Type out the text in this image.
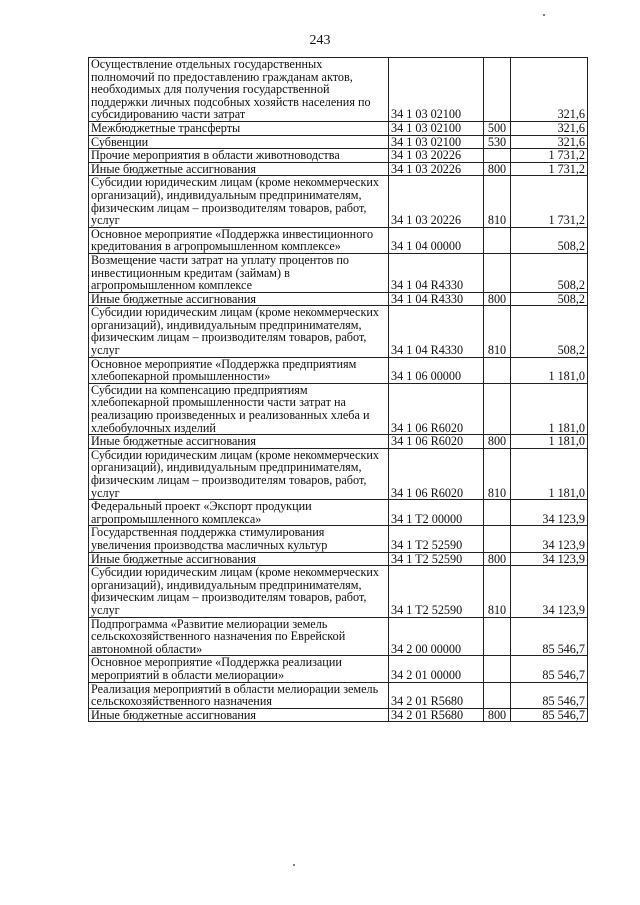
243
Осуществление отдельных государственных полномочий по предоставлению гражданам актов, необходимых для получения государственной поддержки личных подсобных хозяйств населения по субсидированию части затрат	34 1 03 02100		321,6
Межбюджетные трансферты	34 1 03 02100	500	321,6
Субвенции	34 1 03 02100	530	321,6
Прочие мероприятия в области животноводства	34 1 03 20226		1 731,2
Иные бюджетные ассигнования	34 1 03 20226	800	1 731,2
Субсидии юридическим лицам (кроме некоммерческих организаций), индивидуальным предпринимателям, физическим лицам – производителям товаров, работ, услуг	34 1 03 20226	810	1 731,2
Основное мероприятие «Поддержка инвестиционного кредитования в агропромышленном комплексе»	34 1 04 00000		508,2
Возмещение части затрат на уплату процентов по инвестиционным кредитам (займам) в агропромышленном комплексе	34 1 04 R4330		508,2
Иные бюджетные ассигнования	34 1 04 R4330	800	508,2
Субсидии юридическим лицам (кроме некоммерческих организаций), индивидуальным предпринимателям, физическим лицам – производителям товаров, работ, услуг	34 1 04 R4330	810	508,2
Основное мероприятие «Поддержка предприятиям хлебопекарной промышленности»	34 1 06 00000		1 181,0
Субсидии на компенсацию предприятиям хлебопекарной промышленности части затрат на реализацию произведенных и реализованных хлеба и хлебобулочных изделий	34 1 06 R6020		1 181,0
Иные бюджетные ассигнования	34 1 06 R6020	800	1 181,0
Субсидии юридическим лицам (кроме некоммерческих организаций), индивидуальным предпринимателям, физическим лицам – производителям товаров, работ, услуг	34 1 06 R6020	810	1 181,0
Федеральный проект «Экспорт продукции агропромышленного комплекса»	34 1 T2 00000		34 123,9
Государственная поддержка стимулирования увеличения производства масличных культур	34 1 T2 52590		34 123,9
Иные бюджетные ассигнования	34 1 T2 52590	800	34 123,9
Субсидии юридическим лицам (кроме некоммерческих организаций), индивидуальным предпринимателям, физическим лицам – производителям товаров, работ, услуг	34 1 T2 52590	810	34 123,9
Подпрограмма «Развитие мелиорации земель сельскохозяйственного назначения по Еврейской автономной области»	34 2 00 00000		85 546,7
Основное мероприятие «Поддержка реализации мероприятий в области мелиорации»	34 2 01 00000		85 546,7
Реализация мероприятий в области мелиорации земель сельскохозяйственного назначения	34 2 01 R5680		85 546,7
Иные бюджетные ассигнования	34 2 01 R5680	800	85 546,7
